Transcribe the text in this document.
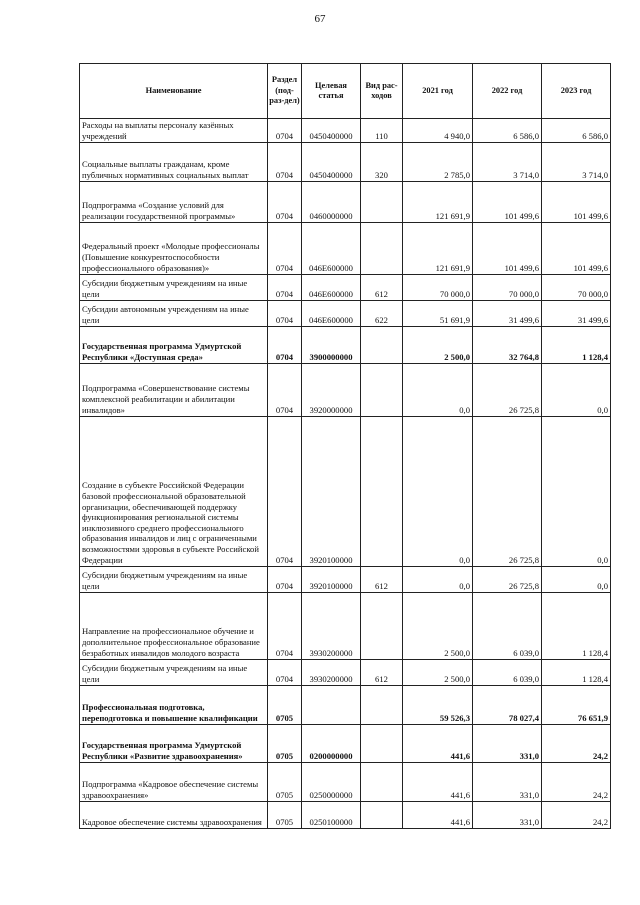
67
Наименование	Раздел (под-раз-дел)	Целевая статья	Вид рас-ходов	2021 год	2022 год	2023 год
Расходы на выплаты персоналу казённых учреждений	0704	0450400000	110	4 940,0	6 586,0	6 586,0
Социальные выплаты гражданам, кроме публичных нормативных социальных выплат	0704	0450400000	320	2 785,0	3 714,0	3 714,0
Подпрограмма «Создание условий для реализации государственной программы»	0704	0460000000		121 691,9	101 499,6	101 499,6
Федеральный проект «Молодые профессионалы (Повышение конкурентоспособности профессионального образования)»	0704	046E600000		121 691,9	101 499,6	101 499,6
Субсидии бюджетным учреждениям на иные цели	0704	046E600000	612	70 000,0	70 000,0	70 000,0
Субсидии автономным учреждениям на иные цели	0704	046E600000	622	51 691,9	31 499,6	31 499,6
Государственная программа Удмуртской Республики «Доступная среда»	0704	3900000000		2 500,0	32 764,8	1 128,4
Подпрограмма «Совершенствование системы комплексной реабилитации и абилитации инвалидов»	0704	3920000000		0,0	26 725,8	0,0
Создание в субъекте Российской Федерации базовой профессиональной образовательной организации, обеспечивающей поддержку функционирования региональной системы инклюзивного среднего профессионального образования инвалидов и лиц с ограниченными возможностями здоровья в субъекте Российской Федерации	0704	3920100000		0,0	26 725,8	0,0
Субсидии бюджетным учреждениям на иные цели	0704	3920100000	612	0,0	26 725,8	0,0
Направление на профессиональное обучение и дополнительное профессиональное образование безработных инвалидов молодого возраста	0704	3930200000		2 500,0	6 039,0	1 128,4
Субсидии бюджетным учреждениям на иные цели	0704	3930200000	612	2 500,0	6 039,0	1 128,4
Профессиональная подготовка, переподготовка и повышение квалификации	0705			59 526,3	78 027,4	76 651,9
Государственная программа Удмуртской Республики «Развитие здравоохранения»	0705	0200000000		441,6	331,0	24,2
Подпрограмма «Кадровое обеспечение системы здравоохранения»	0705	0250000000		441,6	331,0	24,2
Кадровое обеспечение системы здравоохранения	0705	0250100000		441,6	331,0	24,2
